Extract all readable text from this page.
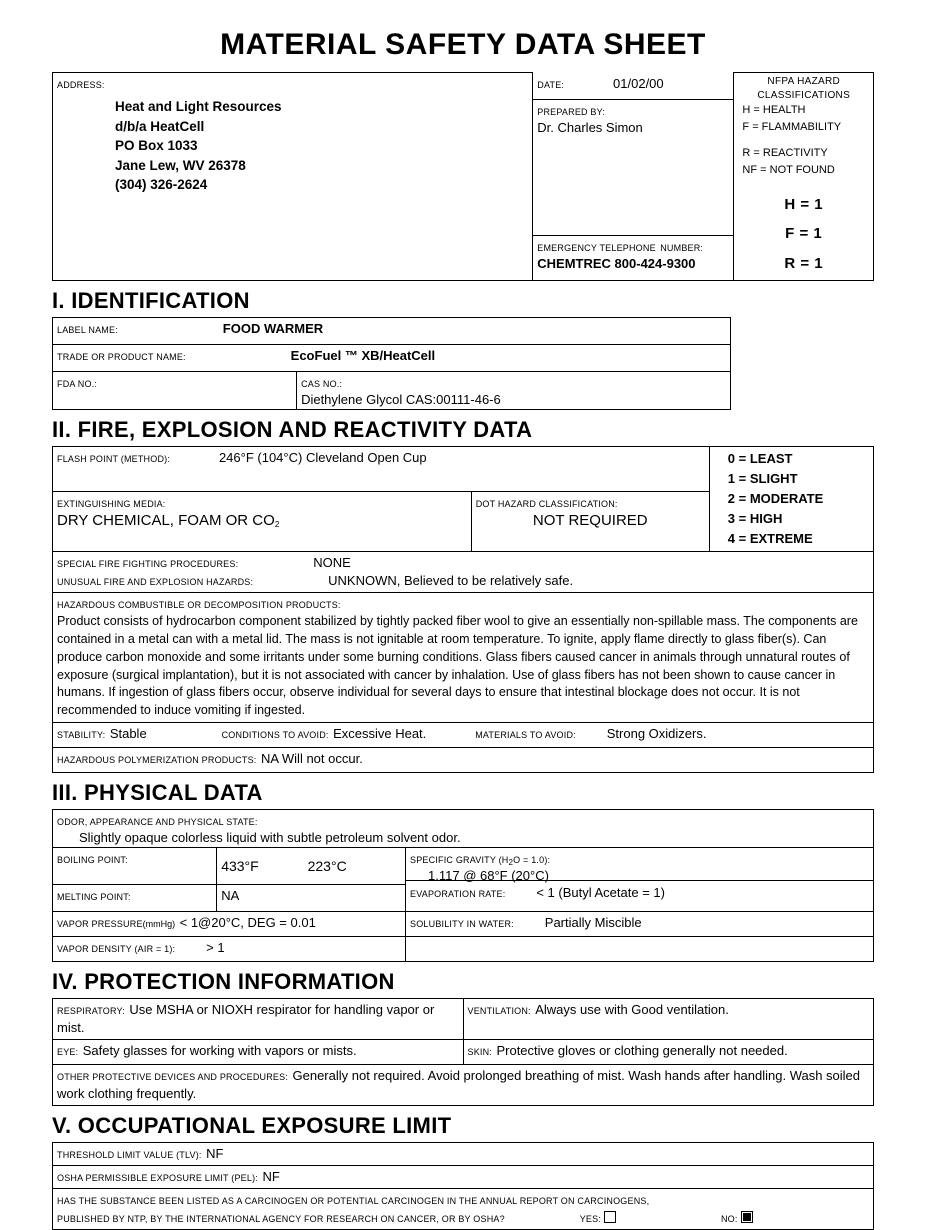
MATERIAL SAFETY DATA SHEET
ADDRESS:
Heat and Light Resources
d/b/a HeatCell
PO Box 1033
Jane Lew, WV 26378
(304) 326-2624

DATE:	01/02/00
PREPARED BY:
Dr. Charles Simon

NFPA HAZARD
CLASSIFICATIONS
H = HEALTH
F = FLAMMABILITY
R = REACTIVITY
NF = NOT FOUND
H = 1
F = 1
R = 1

EMERGENCY TELEPHONE NUMBER:
CHEMTREC 800-424-9300
I. IDENTIFICATION
LABEL NAME:	FOOD WARMER
TRADE OR PRODUCT NAME:	EcoFuel ™ XB/HeatCell
FDA NO.:	CAS NO.:
Diethylene Glycol CAS:00111-46-6
II. FIRE, EXPLOSION AND REACTIVITY DATA
FLASH POINT (METHOD): 246°F (104°C) Cleveland Open Cup		0 = LEAST
1 = SLIGHT
2 = MODERATE
3 = HIGH
4 = EXTREME

EXTINGUISHING MEDIA:
DRY CHEMICAL, FOAM OR $CO_2$
	DOT HAZARD CLASSIFICATION:
NOT REQUIRED

SPECIAL FIRE FIGHTING PROCEDURES: NONE
UNUSUAL FIRE AND EXPLOSION HAZARDS: UNKNOWN, Believed to be relatively safe.		

HAZARDOUS COMBUSTIBLE OR DECOMPOSITION PRODUCTS:
Product consists of hydrocarbon component stabilized by tightly packed fiber wool to give an essentially non-spillable mass. The components are contained in a metal can with a metal lid. The mass is not ignitable at room temperature. To ignite, apply flame directly to glass fiber(s). Can produce carbon monoxide and some irritants under some burning conditions. Glass fibers caused cancer in animals through unnatural routes of exposure (surgical implantation), but it is not associated with cancer by inhalation. Use of glass fibers has not been shown to cause cancer in humans. If ingestion of glass fibers occur, observe individual for several days to ensure that intestinal blockage does not occur. It is not recommended to induce vomiting if ingested.		

STABILITY: Stable CONDITIONS TO AVOID: Excessive Heat. MATERIALS TO AVOID: Strong Oxidizers.		
HAZARDOUS POLYMERIZATION PRODUCTS: NA Will not occur.		
III. PHYSICAL DATA
ODOR, APPEARANCE AND PHYSICAL STATE:
Slightly opaque colorless liquid with subtle petroleum solvent odor.		

BOILING POINT:	433°F 223°C	SPECIFIC GRAVITY $(H_2O = 1.0)$:
1.117 @ 68°F (20°C)
EVAPORATION RATE: < 1 (Butyl Acetate = 1)

MELTING POINT:	NA	
VAPOR PRESSURE(mmHg) < 1@20°C, DEG = 0.01		SOLUBILITY IN WATER: Partially Miscible
VAPOR DENSITY (AIR = 1): > 1		
IV. PROTECTION INFORMATION
RESPIRATORY: Use MSHA or NIOXH respirator for handling vapor or mist.	VENTILATION: Always use with Good ventilation.
EYE: Safety glasses for working with vapors or mists.	SKIN: Protective gloves or clothing generally not needed.
OTHER PROTECTIVE DEVICES AND PROCEDURES: Generally not required. Avoid prolonged breathing of mist. Wash hands after handling. Wash soiled work clothing frequently.	
V. OCCUPATIONAL EXPOSURE LIMIT
THRESHOLD LIMIT VALUE (TLV): NF
OSHA PERMISSIBLE EXPOSURE LIMIT (PEL): NF
HAS THE SUBSTANCE BEEN LISTED AS A CARCINOGEN OR POTENTIAL CARCINOGEN IN THE ANNUAL REPORT ON CARCINOGENS,
PUBLISHED BY NTP, BY THE INTERNATIONAL AGENCY FOR RESEARCH ON CANCER, OR BY OSHA?	YES:	NO:
